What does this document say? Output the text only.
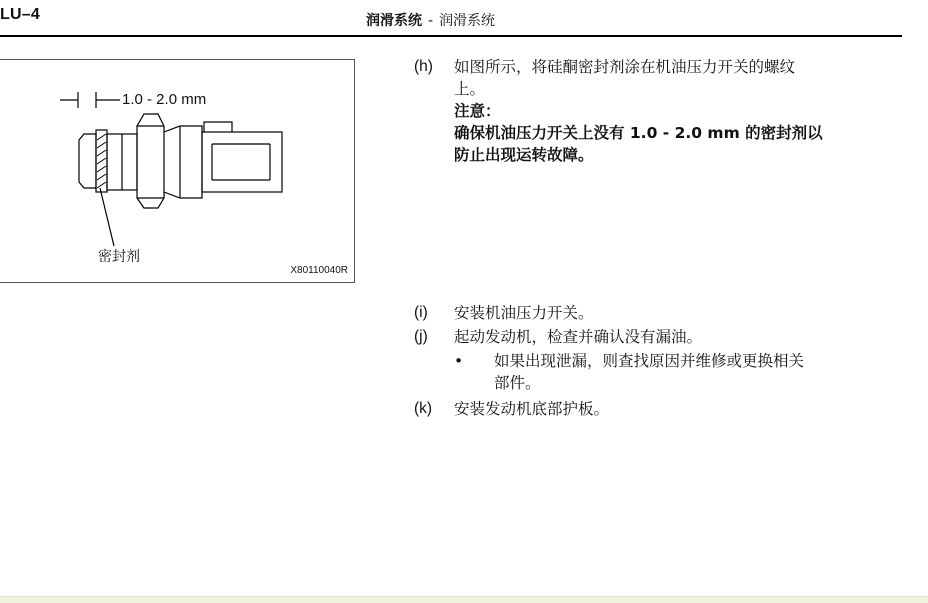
LU–4	润滑系统 - 润滑系统
1.0 - 2.0 mm
密封剂
X80110040R
(h) 如图所示，将硅酮密封剂涂在机油压力开关的螺纹
上。
注意：
确保机油压力开关上没有 1.0 - 2.0 mm 的密封剂以
防止出现运转故障。
(i) 安装机油压力开关。
(j) 起动发动机，检查并确认没有漏油。
• 如果出现泄漏，则查找原因并维修或更换相关
部件。
(k) 安装发动机底部护板。
